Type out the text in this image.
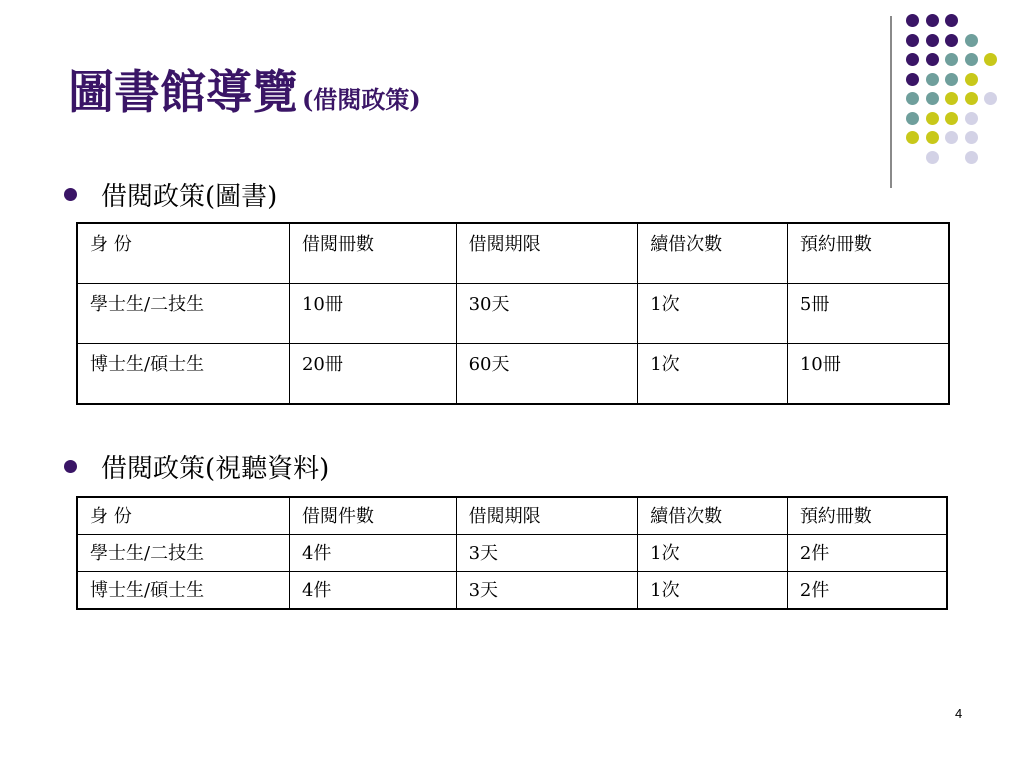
圖書館導覽 (借閱政策)
借閱政策(圖書)
身 份	借閱冊數	借閱期限	續借次數	預約冊數
學士生/二技生	10冊	30天	1次	5冊
博士生/碩士生	20冊	60天	1次	10冊
借閱政策(視聽資料)
身 份	借閱件數	借閱期限	續借次數	預約冊數
學士生/二技生	4件	3天	1次	2件
博士生/碩士生	4件	3天	1次	2件
4
